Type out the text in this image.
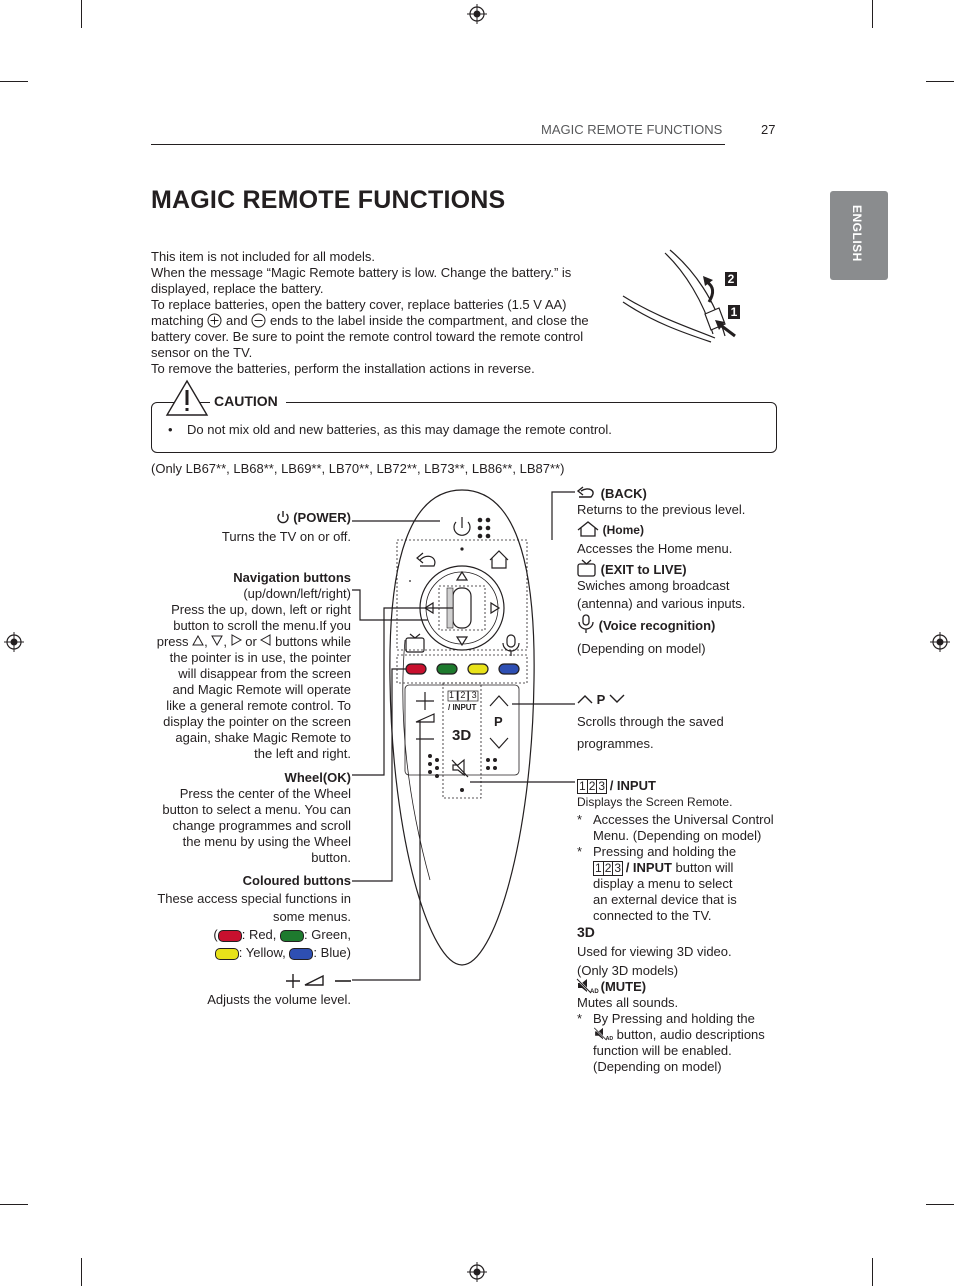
MAGIC REMOTE FUNCTIONS	27
ENGLISH
MAGIC REMOTE FUNCTIONS

This item is not included for all models.

When the message “Magic Remote battery is low. Change the battery.” is

displayed, replace the battery.

To replace batteries, open the battery cover, replace batteries (1.5 V AA)

matching and ends to the label inside the compartment, and close the

battery cover. Be sure to point the remote control toward the remote control

sensor on the TV.

To remove the batteries, perform the installation actions in reverse.

2
1
CAUTION
•    Do not mix old and new batteries, as this may damage the remote control.
(Only LB67**, LB68**, LB69**, LB70**, LB72**, LB73**, LB86**, LB87**)
1|2|3
/ INPUT
3D
P
(POWER)
Turns the TV on or off.
Navigation buttons
(up/down/left/right)
Press the up, down, left or right
button to scroll the menu.If you
press , , or buttons while
the pointer is in use, the pointer
will disappear from the screen
and Magic Remote will operate
like a general remote control. To
display the pointer on the screen
again, shake Magic Remote to
the left and right.
Wheel(OK)
Press the center of the Wheel
button to select a menu. You can
change programmes and scroll
the menu by using the Wheel
button.
Coloured buttons
These access special functions in
some menus.
( : Red, : Green,
: Yellow, : Blue)
Adjusts the volume level.
(BACK)
Returns to the previous level.
(Home)
Accesses the Home menu.
(EXIT to LIVE)
Swiches among broadcast
(antenna) and various inputs.
(Voice recognition)
(Depending on model)
P
Scrolls through the saved
programmes.
1 2 3 / INPUT
Displays the Screen Remote.
* Accesses the Universal Control
Menu. (Depending on model)
* Pressing and holding the
1 2 3 / INPUT button will
display a menu to select
an external device that is
connected to the TV.
3D
Used for viewing 3D video.
(Only 3D models)
AD (MUTE)
Mutes all sounds.
* By Pressing and holding the

AD button, audio descriptions
function will be enabled.
(Depending on model)
